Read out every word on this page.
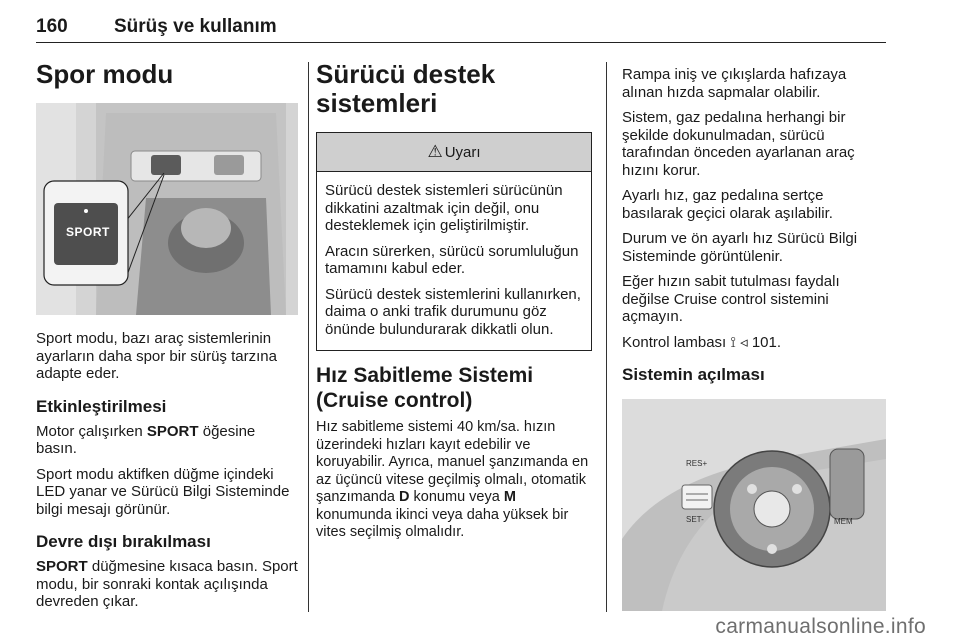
160 Sürüş ve kullanım
Spor modu
SPORT

Sport modu, bazı araç sistemlerinin ayarların daha spor bir sürüş tarzına adapte eder.

Etkinleştirilmesi

Motor çalışırken SPORT öğesine basın.

Sport modu aktifken düğme içindeki LED yanar ve Sürücü Bilgi Sisteminde bilgi mesajı görünür.

Devre dışı bırakılması

SPORT düğmesine kısaca basın. Sport modu, bir sonraki kontak açılışında devreden çıkar.

Sürücü destek
sistemleri
⚠ Uyarı

Sürücü destek sistemleri sürücünün dikkatini azaltmak için değil, onu desteklemek için geliştirilmiştir.

Aracın sürerken, sürücü sorumluluğun tamamını kabul eder.

Sürücü destek sistemlerini kullanırken, daima o anki trafik durumunu göz önünde bulundurarak dikkatli olun.

Hız Sabitleme Sistemi
(Cruise control)

Hız sabitleme sistemi 40 km/sa. hızın üzerindeki hızları kayıt edebilir ve koruyabilir. Ayrıca, manuel şanzımanda en az üçüncü vitese geçilmiş olmalı, otomatik şanzımanda D konumu veya M konumunda ikinci veya daha yüksek bir vites seçilmiş olmalıdır.

Rampa iniş ve çıkışlarda hafızaya alınan hızda sapmalar olabilir.

Sistem, gaz pedalına herhangi bir şekilde dokunulmadan, sürücü tarafından önceden ayarlanan araç hızını korur.

Ayarlı hız, gaz pedalına sertçe basılarak geçici olarak aşılabilir.

Durum ve ön ayarlı hız Sürücü Bilgi Sisteminde görüntülenir.

Eğer hızın sabit tutulması faydalı değilse Cruise control sistemini açmayın.

Kontrol lambası ⟟ ◃ 101.

Sistemin açılması
RES+
SET-	MEM
carmanualsonline.info
